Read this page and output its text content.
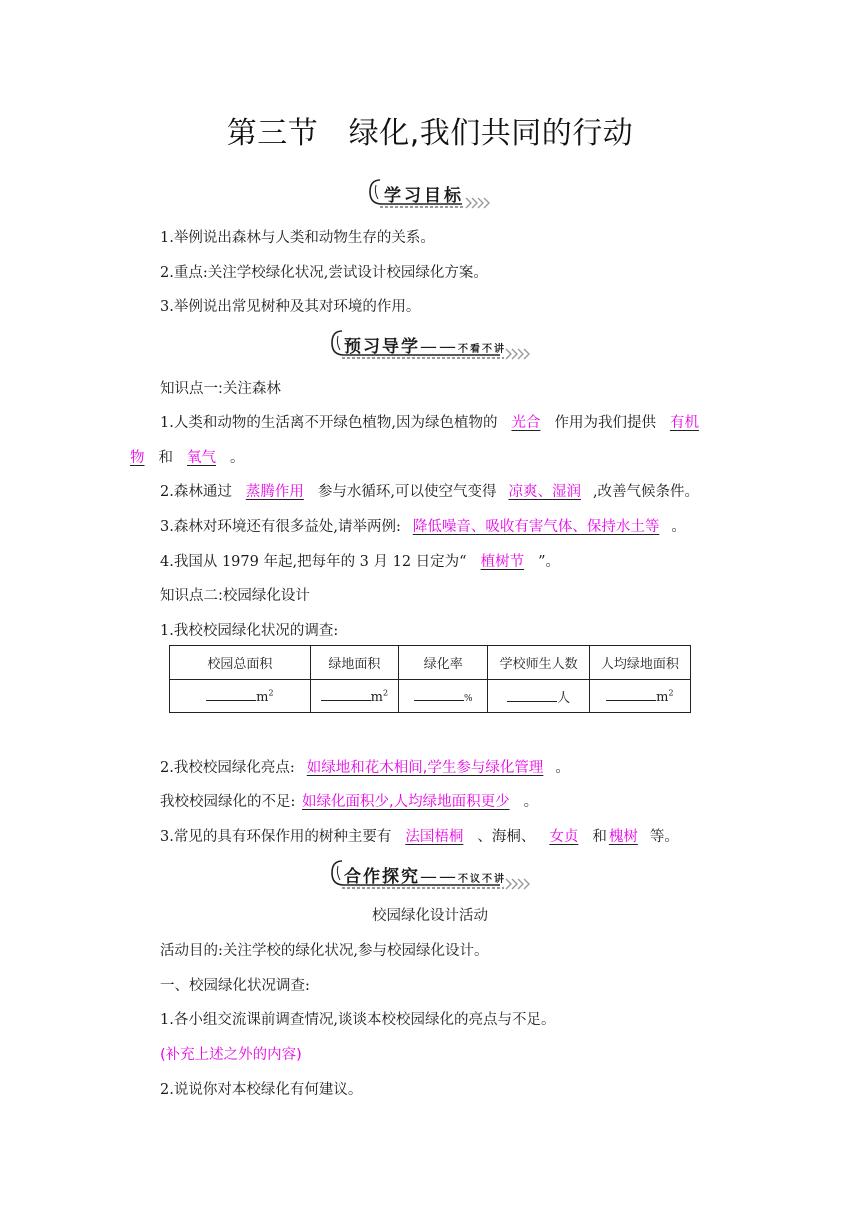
第三节　绿化,我们共同的行动
学习目标
1.举例说出森林与人类和动物生存的关系。
2.重点:关注学校绿化状况,尝试设计校园绿化方案。
3.举例说出常见树种及其对环境的作用。
预习导学——不看不讲
知识点一:关注森林
1.人类和动物的生活离不开绿色植物,因为绿色植物的 光合 作用为我们提供 有机
物 和 氧气 。
2.森林通过 蒸腾作用 参与水循环,可以使空气变得 凉爽、湿润 ,改善气候条件。
3.森林对环境还有很多益处,请举两例: 降低噪音、吸收有害气体、保持水土等 。
4.我国从 1979 年起,把每年的 3 月 12 日定为“ 植树节 ”。
知识点二:校园绿化设计
1.我校校园绿化状况的调查:
校园总面积	绿地面积	绿化率	学校师生人数	人均绿地面积
$m^2$	$m^2$	%	人	$m^2$
2.我校校园绿化亮点: 如绿地和花木相间,学生参与绿化管理 。
我校校园绿化的不足: 如绿化面积少,人均绿地面积更少 。
3.常见的具有环保作用的树种主要有 法国梧桐 、海桐、 女贞 和 槐树 等。
合作探究——不议不讲
校园绿化设计活动
活动目的:关注学校的绿化状况,参与校园绿化设计。
一、校园绿化状况调查:
1.各小组交流课前调查情况,谈谈本校校园绿化的亮点与不足。
(补充上述之外的内容)
2.说说你对本校绿化有何建议。
